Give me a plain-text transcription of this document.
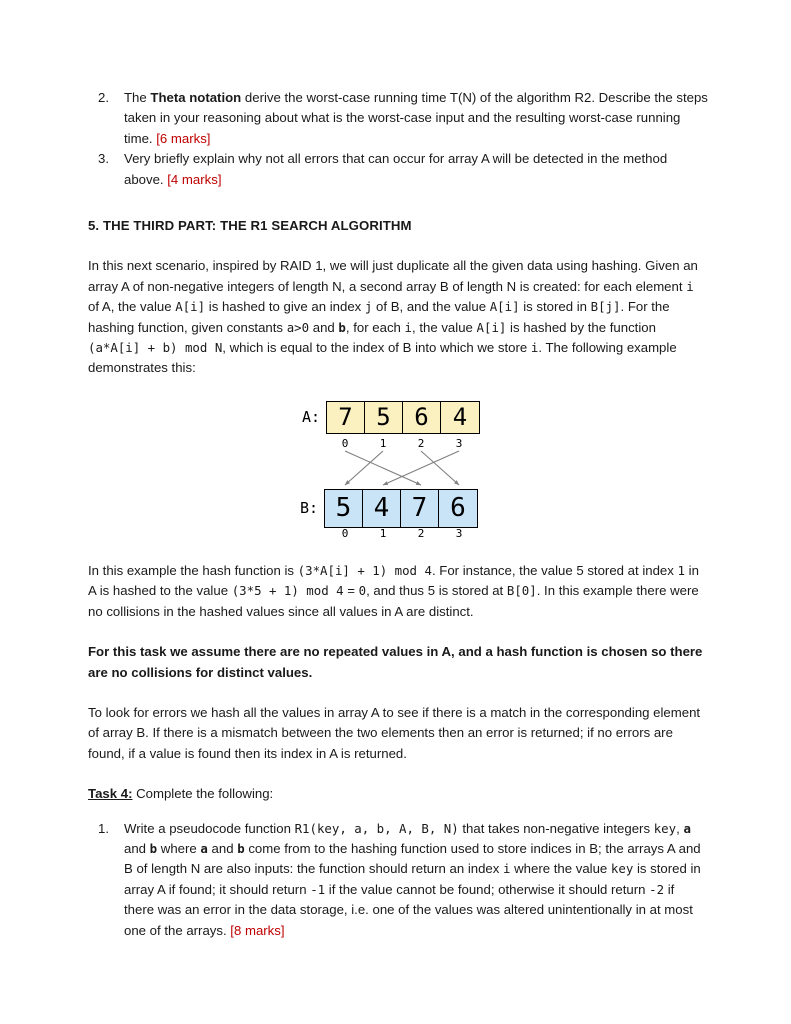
2.	The Theta notation derive the worst-case running time T(N) of the algorithm R2. Describe the steps taken in your reasoning about what is the worst-case input and the resulting worst-case running time. [6 marks]
3.	Very briefly explain why not all errors that can occur for array A will be detected in the method above. [4 marks]
5. THE THIRD PART: THE R1 SEARCH ALGORITHM
In this next scenario, inspired by RAID 1, we will just duplicate all the given data using hashing. Given an array A of non-negative integers of length N, a second array B of length N is created: for each element i of A, the value A[i] is hashed to give an index j of B, and the value A[i] is stored in B[j]. For the hashing function, given constants a>0 and b, for each i, the value A[i] is hashed by the function (a*A[i] + b) mod N, which is equal to the index of B into which we store i. The following example demonstrates this:
A: 7 5 6	4
0	1	2	3
B: 5 4 7 6
0	1	2	3
In this example the hash function is (3*A[i] + 1) mod 4. For instance, the value 5 stored at index 1 in A is hashed to the value (3*5 + 1) mod 4 = 0, and thus 5 is stored at B[0]. In this example there were no collisions in the hashed values since all values in A are distinct.
For this task we assume there are no repeated values in A, and a hash function is chosen so there are no collisions for distinct values.
To look for errors we hash all the values in array A to see if there is a match in the corresponding element of array B. If there is a mismatch between the two elements then an error is returned; if no errors are found, if a value is found then its index in A is returned.
Task 4: Complete the following:
1.	Write a pseudocode function R1(key, a, b, A, B, N) that takes non-negative integers key, a and b where a and b come from to the hashing function used to store indices in B; the arrays A and B of length N are also inputs: the function should return an index i where the value key is stored in array A if found; it should return -1 if the value cannot be found; otherwise it should return -2 if there was an error in the data storage, i.e. one of the values was altered unintentionally in at most one of the arrays. [8 marks]
